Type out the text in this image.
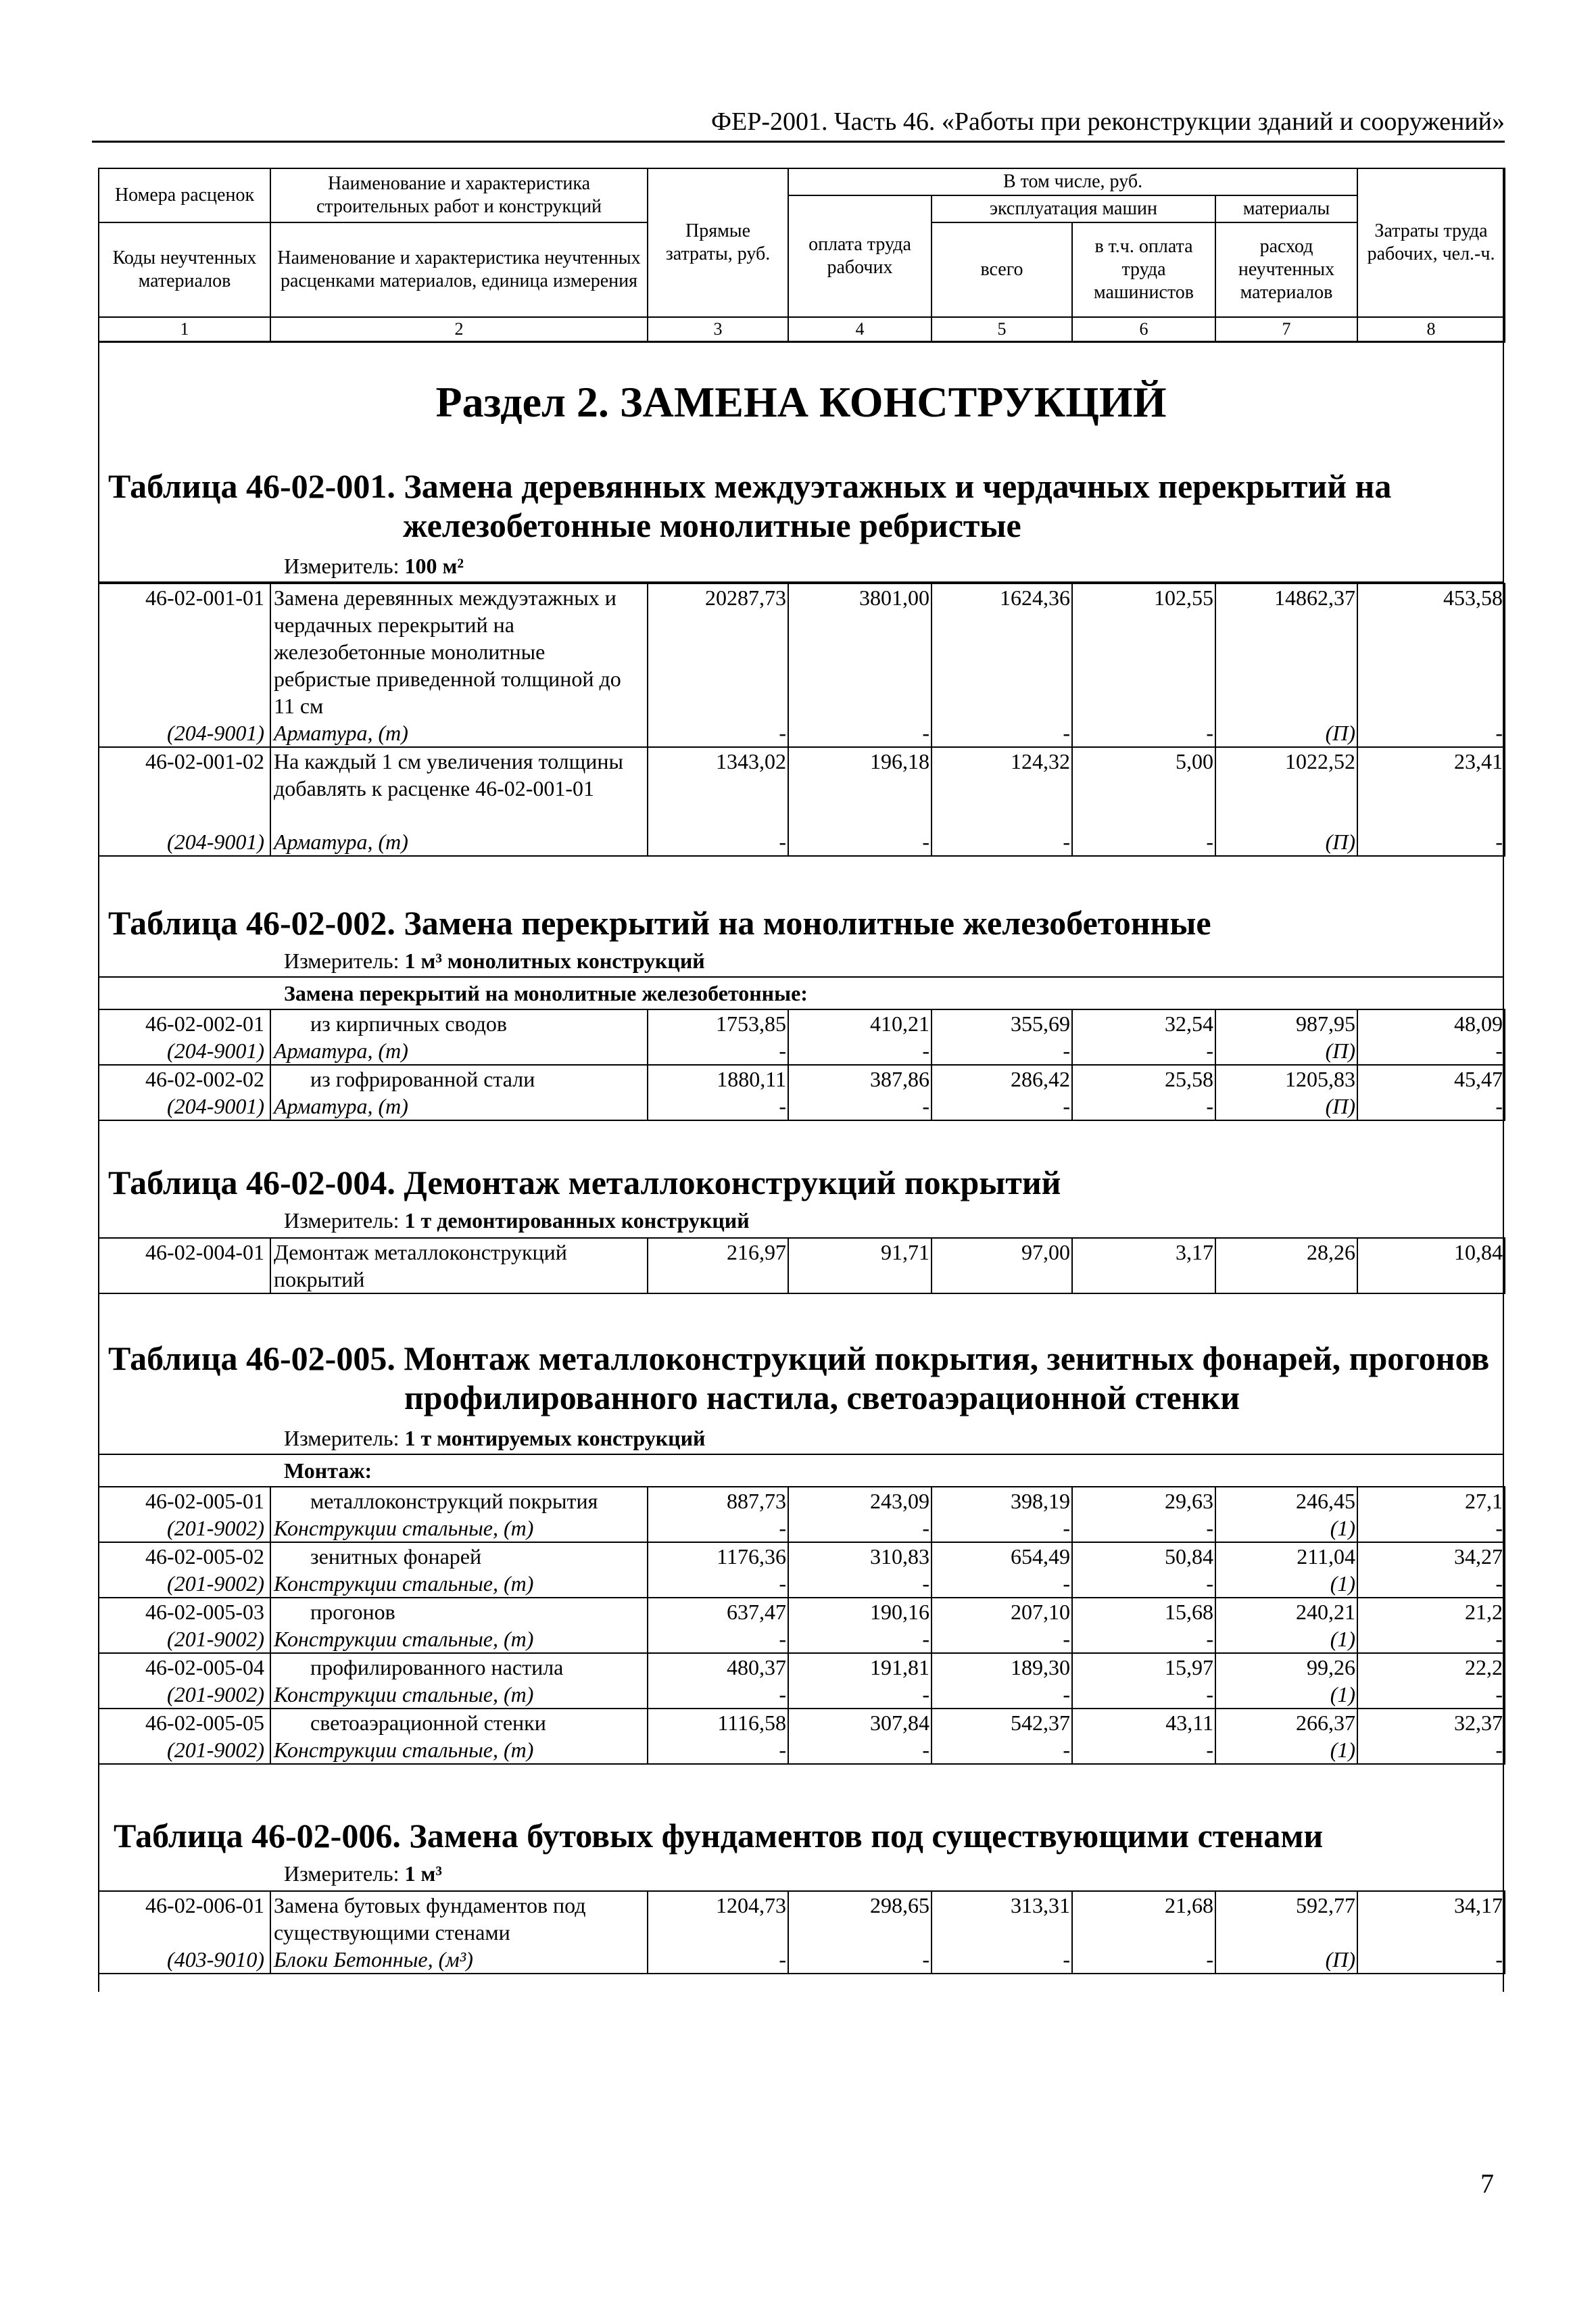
ФЕР-2001. Часть 46. «Работы при реконструкции зданий и сооружений»
Номера расценок	Наименование и характеристика строительных работ и конструкций	Прямые затраты, руб.	В том числе, руб.				Затраты труда рабочих, чел.-ч.
			оплата труда рабочих	эксплуатация машин		материалы	
Коды неучтенных материалов	Наименование и характеристика неучтенных расценками материалов, единица измерения			всего	в т.ч. оплата труда машинистов	расход неучтенных материалов	

1	2	3	4	5	6	7	8
Раздел 2. ЗАМЕНА КОНСТРУКЦИЙ
Таблица 46-02-001. Замена деревянных междуэтажных и чердачных перекрытий на
железобетонные монолитные ребристые
Измеритель: 100 м²
46-02-001-01	Замена деревянных междуэтажных и чердачных перекрытий на железобетонные монолитные ребристые приведенной толщиной до 11 см	20287,73	3801,00	1624,36	102,55	14862,37	453,58
(204-9001)	Арматура, (т)	-	-	-	-	(П)	-
46-02-001-02	На каждый 1 см увеличения толщины добавлять к расценке 46-02-001-01	1343,02	196,18	124,32	5,00	1022,52	23,41
(204-9001)	Арматура, (т)	-	-	-	-	(П)	-
Таблица 46-02-002. Замена перекрытий на монолитные железобетонные
Измеритель: 1 м³ монолитных конструкций
Замена перекрытий на монолитные железобетонные:
46-02-002-01	из кирпичных сводов	1753,85	410,21	355,69	32,54	987,95	48,09
(204-9001)	Арматура, (т)	-	-	-	-	(П)	-
46-02-002-02	из гофрированной стали	1880,11	387,86	286,42	25,58	1205,83	45,47
(204-9001)	Арматура, (т)	-	-	-	-	(П)	-
Таблица 46-02-004. Демонтаж металлоконструкций покрытий
Измеритель: 1 т демонтированных конструкций
46-02-004-01	Демонтаж металлоконструкций покрытий	216,97	91,71	97,00	3,17	28,26	10,84
Таблица 46-02-005. Монтаж металлоконструкций покрытия, зенитных фонарей, прогонов
профилированного настила, светоаэрационной стенки
Измеритель: 1 т монтируемых конструкций
Монтаж:
46-02-005-01	металлоконструкций покрытия	887,73	243,09	398,19	29,63	246,45	27,1
(201-9002)	Конструкции стальные, (т)	-	-	-	-	(1)	-
46-02-005-02	зенитных фонарей	1176,36	310,83	654,49	50,84	211,04	34,27
(201-9002)	Конструкции стальные, (т)	-	-	-	-	(1)	-
46-02-005-03	прогонов	637,47	190,16	207,10	15,68	240,21	21,2
(201-9002)	Конструкции стальные, (т)	-	-	-	-	(1)	-
46-02-005-04	профилированного настила	480,37	191,81	189,30	15,97	99,26	22,2
(201-9002)	Конструкции стальные, (т)	-	-	-	-	(1)	-
46-02-005-05	светоаэрационной стенки	1116,58	307,84	542,37	43,11	266,37	32,37
(201-9002)	Конструкции стальные, (т)	-	-	-	-	(1)	-
Таблица 46-02-006. Замена бутовых фундаментов под существующими стенами
Измеритель: 1 м³
46-02-006-01	Замена бутовых фундаментов под существующими стенами	1204,73	298,65	313,31	21,68	592,77	34,17
(403-9010)	Блоки Бетонные, (м³)	-	-	-	-	(П)	-
7
